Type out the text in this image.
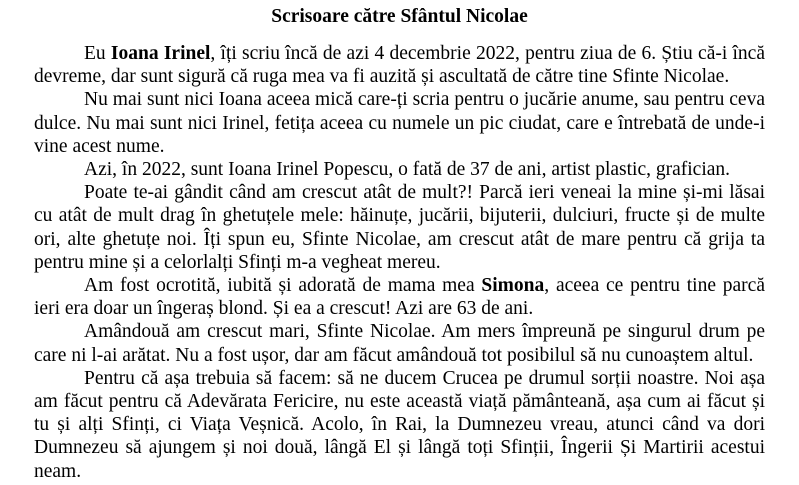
Scrisoare către Sfântul Nicolae

Eu Ioana Irinel, îți scriu încă de azi 4 decembrie 2022, pentru ziua de 6. Știu că-i încă devreme, dar sunt sigură că ruga mea va fi auzită și ascultată de către tine Sfinte Nicolae.

Nu mai sunt nici Ioana aceea mică care-ți scria pentru o jucărie anume, sau pentru ceva dulce. Nu mai sunt nici Irinel, fetița aceea cu numele un pic ciudat, care e întrebată de unde-i vine acest nume.

Azi, în 2022, sunt Ioana Irinel Popescu, o fată de 37 de ani, artist plastic, grafician.

Poate te-ai gândit când am crescut atât de mult?! Parcă ieri veneai la mine și-mi lăsai cu atât de mult drag în ghetuțele mele: hăinuțe, jucării, bijuterii, dulciuri, fructe și de multe ori, alte ghetuțe noi. Îți spun eu, Sfinte Nicolae, am crescut atât de mare pentru că grija ta pentru mine și a celorlalți Sfinți m-a vegheat mereu.

Am fost ocrotită, iubită și adorată de mama mea Simona, aceea ce pentru tine parcă ieri era doar un îngeraș blond. Și ea a crescut! Azi are 63 de ani.

Amândouă am crescut mari, Sfinte Nicolae. Am mers împreună pe singurul drum pe care ni l-ai arătat. Nu a fost ușor, dar am făcut amândouă tot posibilul să nu cunoaștem altul.

Pentru că așa trebuia să facem: să ne ducem Crucea pe drumul sorții noastre. Noi așa am făcut pentru că Adevărata Fericire, nu este această viață pământeană, așa cum ai făcut și tu și alți Sfinți, ci Viața Veșnică. Acolo, în Rai, la Dumnezeu vreau, atunci când va dori Dumnezeu să ajungem și noi două, lângă El și lângă toți Sfinții, Îngerii Și Martirii acestui neam.
